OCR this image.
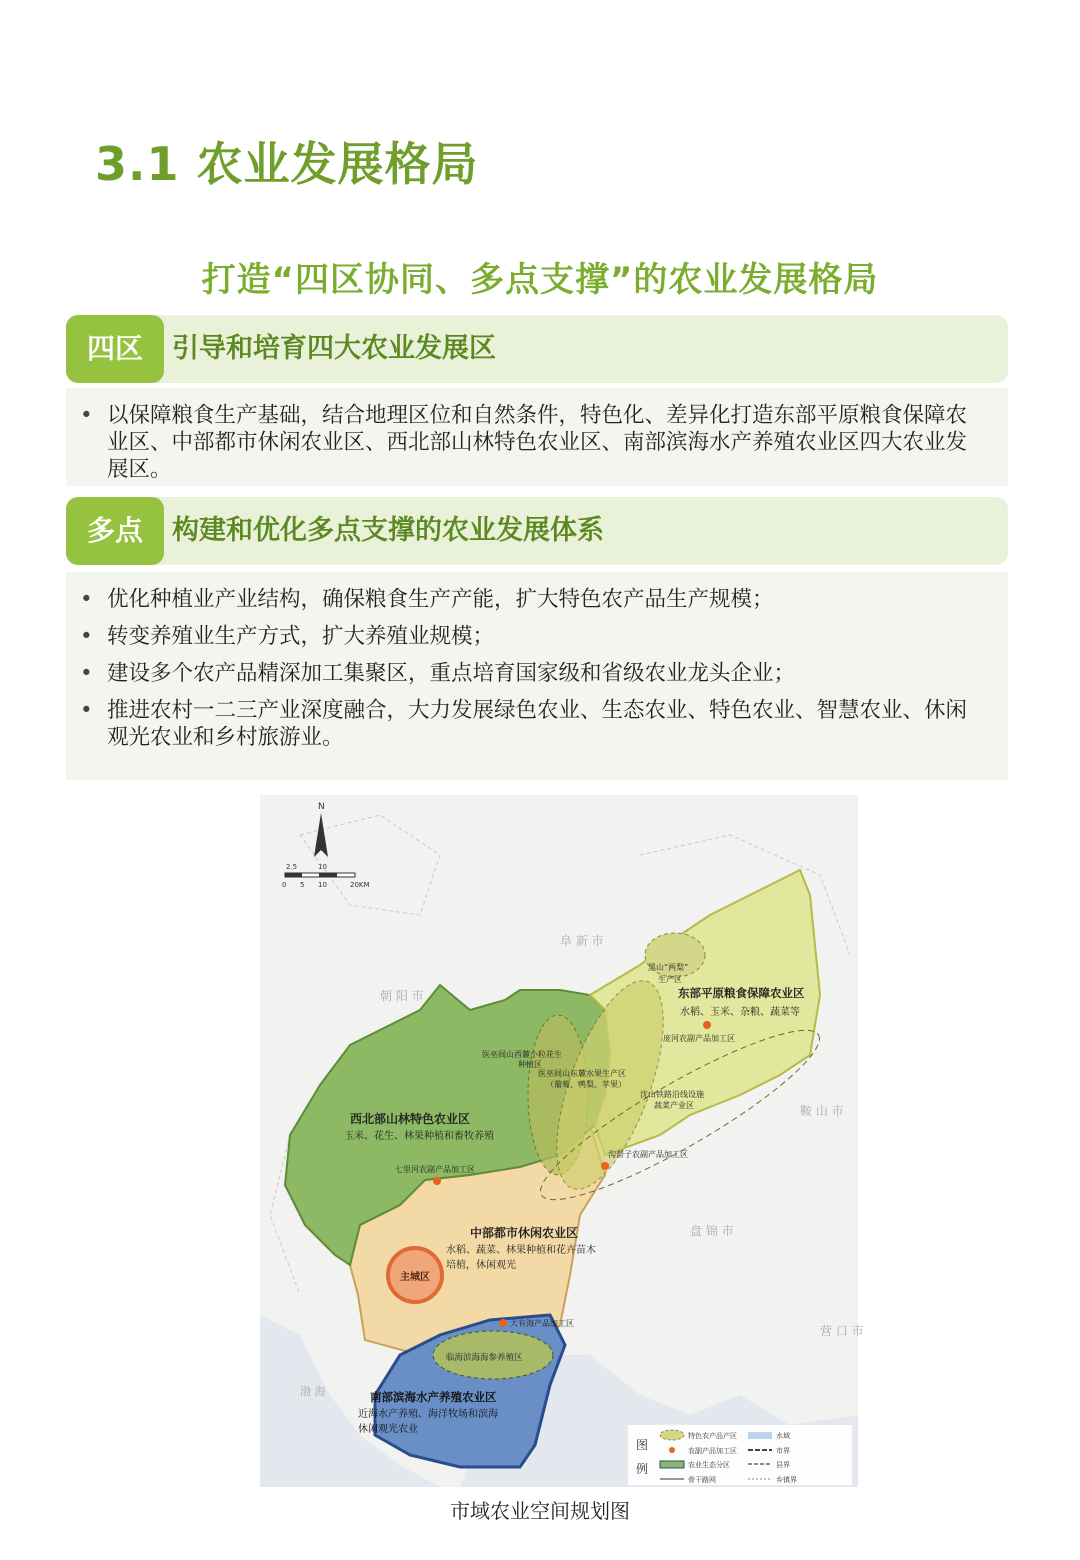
3.1 农业发展格局
打造“四区协同、多点支撑”的农业发展格局
四区	引导和培育四大农业发展区
• 以保障粮食生产基础，结合地理区位和自然条件，特色化、差异化打造东部平原粮食保障农业区、中部都市休闲农业区、西北部山林特色农业区、南部滨海水产养殖农业区四大农业发展区。
多点	构建和优化多点支撑的农业发展体系
• 优化种植业产业结构，确保粮食生产产能，扩大特色农产品生产规模；
• 转变养殖业生产方式，扩大养殖业规模；
• 建设多个农产品精深加工集聚区，重点培育国家级和省级农业龙头企业；
• 推进农村一二三产业深度融合，大力发展绿色农业、生态农业、特色农业、智慧农业、休闲观光农业和乡村旅游业。
N
2.5	10
0 5 10	20KM
朝 阳 市
阜 新 市
鞍 山 市
盘 锦 市
营 口 市
渤 海
主城区
东部平原粮食保障农业区
水稻、玉米、杂粮、蔬菜等
西北部山林特色农业区
玉米、花生、林果种植和畜牧养殖
中部都市休闲农业区
水稻、蔬菜、林果种植和花卉苗木
培植，休闲观光
南部滨海水产养殖农业区
近海水产养殖、海洋牧场和滨海
休闲观光农业
黑山“两梨”
生产区
医巫闾山西麓小粒花生
种植区
医巫闾山东麓水果生产区
（葡萄、鸭梨、苹果）
沈山铁路沿线设施
蔬菜产业区
临海滨海海参养殖区
庞河农副产品加工区
七里河农副产品加工区
沟帮子农副产品加工区
大有海产品加工区
图
例
特色农产品产区
农副产品加工区
农业生态分区
骨干路网
水域
市界
县界
乡镇界
市域农业空间规划图
